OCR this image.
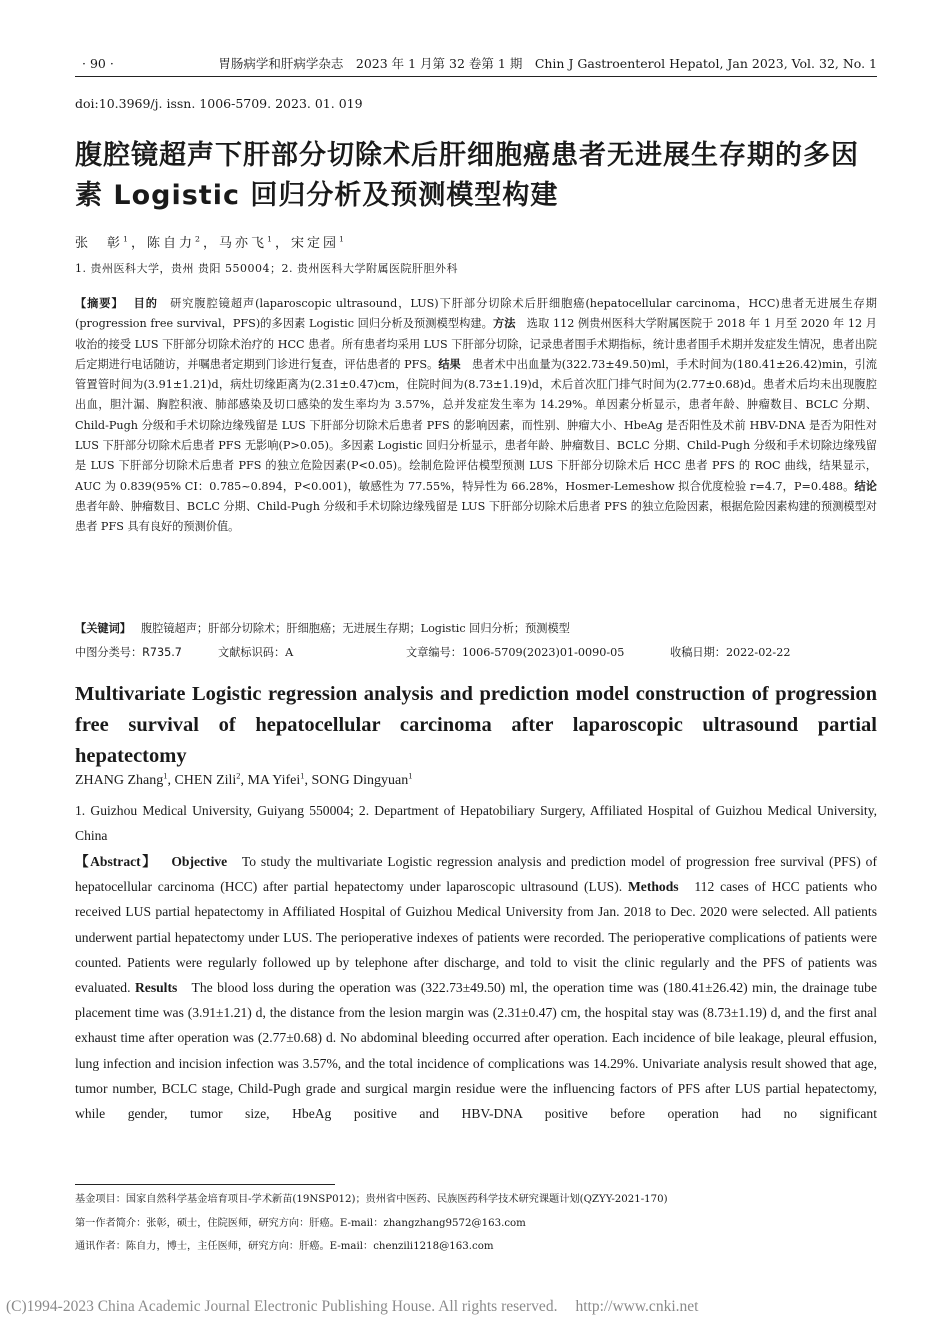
· 90 ·	胃肠病学和肝病学杂志　2023 年 1 月第 32 卷第 1 期　Chin J Gastroenterol Hepatol, Jan 2023, Vol. 32, No. 1
doi:10.3969/j. issn. 1006-5709. 2023. 01. 019
腹腔镜超声下肝部分切除术后肝细胞癌患者无进展生存期的多因素 Logistic 回归分析及预测模型构建
张　彰$^1$，陈自力$^2$，马亦飞$^1$，宋定园$^1$
1. 贵州医科大学，贵州 贵阳 550004；2. 贵州医科大学附属医院肝胆外科
【摘要】 目的　 研究腹腔镜超声(laparoscopic ultrasound，LUS)下肝部分切除术后肝细胞癌(hepatocellular carcinoma，HCC)患者无进展生存期(progression free survival，PFS)的多因素 Logistic 回归分析及预测模型构建。方法　 选取 112 例贵州医科大学附属医院于 2018 年 1 月至 2020 年 12 月收治的接受 LUS 下肝部分切除术治疗的 HCC 患者。所有患者均采用 LUS 下肝部分切除，记录患者围手术期指标，统计患者围手术期并发症发生情况，患者出院后定期进行电话随访，并嘱患者定期到门诊进行复查，评估患者的 PFS。结果　 患者术中出血量为(322.73±49.50)ml，手术时间为(180.41±26.42)min，引流管置管时间为(3.91±1.21)d，病灶切缘距离为(2.31±0.47)cm，住院时间为(8.73±1.19)d，术后首次肛门排气时间为(2.77±0.68)d。患者术后均未出现腹腔出血，胆汁漏、胸腔积液、肺部感染及切口感染的发生率均为 3.57%，总并发症发生率为 14.29%。单因素分析显示，患者年龄、肿瘤数目、BCLC 分期、Child-Pugh 分级和手术切除边缘残留是 LUS 下肝部分切除术后患者 PFS 的影响因素，而性别、肿瘤大小、HbeAg 是否阳性及术前 HBV-DNA 是否为阳性对 LUS 下肝部分切除术后患者 PFS 无影响(P>0.05)。多因素 Logistic 回归分析显示，患者年龄、肿瘤数目、BCLC 分期、Child-Pugh 分级和手术切除边缘残留是 LUS 下肝部分切除术后患者 PFS 的独立危险因素(P<0.05)。绘制危险评估模型预测 LUS 下肝部分切除术后 HCC 患者 PFS 的 ROC 曲线，结果显示，AUC 为 0.839(95% CI：0.785~0.894，P<0.001)，敏感性为 77.55%，特异性为 66.28%，Hosmer-Lemeshow 拟合优度检验 r=4.7，P=0.488。结论　患者年龄、肿瘤数目、BCLC 分期、Child-Pugh 分级和手术切除边缘残留是 LUS 下肝部分切除术后患者 PFS 的独立危险因素，根据危险因素构建的预测模型对患者 PFS 具有良好的预测价值。
【关键词】 腹腔镜超声；肝部分切除术；肝细胞癌；无进展生存期；Logistic 回归分析；预测模型
中图分类号：R735.7	文献标识码：A	文章编号：1006-5709(2023)01-0090-05	收稿日期：2022-02-22
Multivariate Logistic regression analysis and prediction model construction of progression free survival of hepatocellular carcinoma after laparoscopic ultrasound partial hepatectomy
ZHANG Zhang$^1$, CHEN Zili$^2$, MA Yifei$^1$, SONG Dingyuan$^1$
1. Guizhou Medical University, Guiyang 550004; 2. Department of Hepatobiliary Surgery, Affiliated Hospital of Guizhou Medical University, China
【Abstract】 Objective To study the multivariate Logistic regression analysis and prediction model of progression free survival (PFS) of hepatocellular carcinoma (HCC) after partial hepatectomy under laparoscopic ultrasound (LUS). Methods 112 cases of HCC patients who received LUS partial hepatectomy in Affiliated Hospital of Guizhou Medical University from Jan. 2018 to Dec. 2020 were selected. All patients underwent partial hepatectomy under LUS. The perioperative indexes of patients were recorded. The perioperative complications of patients were counted. Patients were regularly followed up by telephone after discharge, and told to visit the clinic regularly and the PFS of patients was evaluated. Results The blood loss during the operation was (322.73±49.50) ml, the operation time was (180.41±26.42) min, the drainage tube placement time was (3.91±1.21) d, the distance from the lesion margin was (2.31±0.47) cm, the hospital stay was (8.73±1.19) d, and the first anal exhaust time after operation was (2.77±0.68) d. No abdominal bleeding occurred after operation. Each incidence of bile leakage, pleural effusion, lung infection and incision infection was 3.57%, and the total incidence of complications was 14.29%. Univariate analysis result showed that age, tumor number, BCLC stage, Child-Pugh grade and surgical margin residue were the influencing factors of PFS after LUS partial hepatectomy, while gender, tumor size, HbeAg positive and HBV-DNA positive before operation had no significant
基金项目：国家自然科学基金培育项目-学术新苗(19NSP012)；贵州省中医药、民族医药科学技术研究课题计划(QZYY-2021-170)
第一作者简介：张彰，硕士，住院医师，研究方向：肝癌。E-mail：zhangzhang9572@163.com
通讯作者：陈自力，博士，主任医师，研究方向：肝癌。E-mail：chenzili1218@163.com
(C)1994-2023 China Academic Journal Electronic Publishing House. All rights reserved. http://www.cnki.net
